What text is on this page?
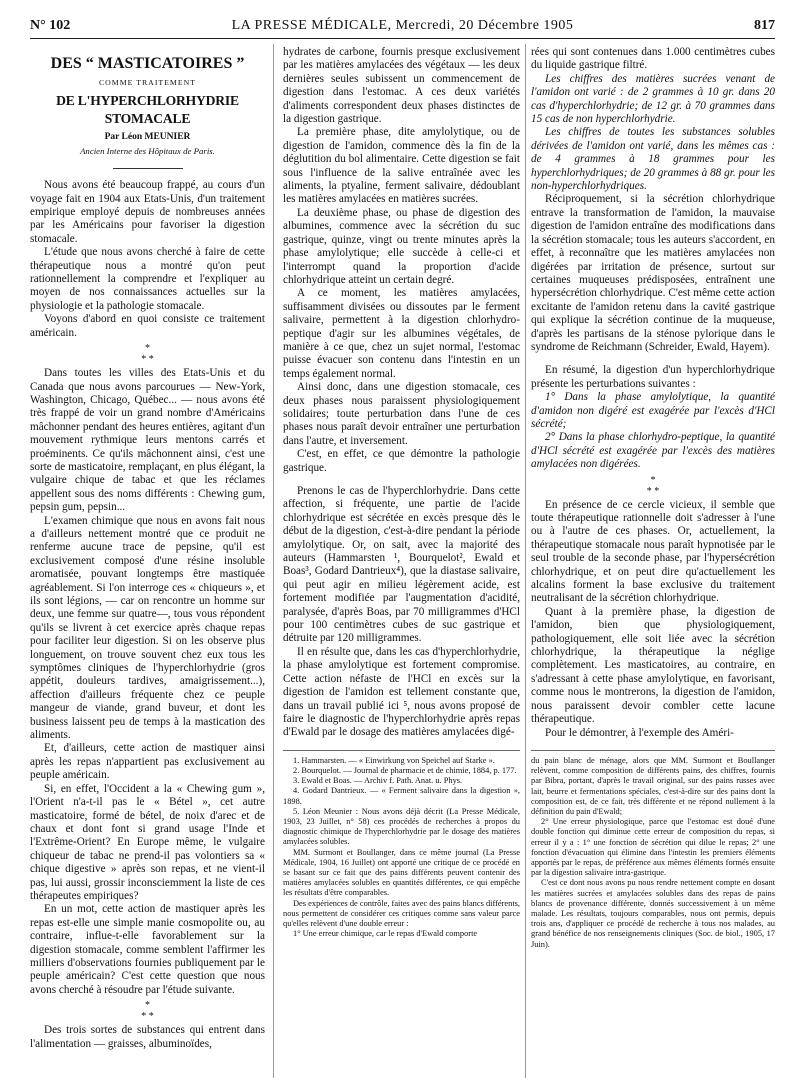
N° 102	LA PRESSE MÉDICALE, Mercredi, 20 Décembre 1905	817
DES “ MASTICATOIRES ”
COMME TRAITEMENT
DE L'HYPERCHLORHYDRIE STOMACALE
Par Léon MEUNIER
Ancien Interne des Hôpitaux de Paris.

Nous avons été beaucoup frappé, au cours d'un voyage fait en 1904 aux Etats-Unis, d'un traitement empirique employé depuis de nombreuses années par les Américains pour favoriser la digestion stomacale.

L'étude que nous avons cherché à faire de cette thérapeutique nous a montré qu'on peut rationnellement la comprendre et l'expliquer au moyen de nos connaissances actuelles sur la physiologie et la pathologie stomacale.

Voyons d'abord en quoi consiste ce traitement américain.

*
* *

Dans toutes les villes des Etats-Unis et du Canada que nous avons parcourues — New-York, Washington, Chicago, Québec... — nous avons été très frappé de voir un grand nombre d'Américains mâchonner pendant des heures entières, agitant d'un mouvement rythmique leurs mentons carrés et proéminents. Ce qu'ils mâchonnent ainsi, c'est une sorte de masticatoire, remplaçant, en plus élégant, la vulgaire chique de tabac et que les réclames appellent sous des noms différents : Chewing gum, pepsin gum, pepsin...

L'examen chimique que nous en avons fait nous a d'ailleurs nettement montré que ce produit ne renferme aucune trace de pepsine, qu'il est exclusivement composé d'une résine insoluble aromatisée, pouvant longtemps être mastiquée agréablement. Si l'on interroge ces « chiqueurs », et ils sont légions, — car on rencontre un homme sur deux, une femme sur quatre—, tous vous répondent qu'ils se livrent à cet exercice après chaque repas pour faciliter leur digestion. Si on les observe plus longuement, on trouve souvent chez eux tous les symptômes cliniques de l'hyperchlorhydrie (gros appétit, douleurs tardives, amaigrissement...), affection d'ailleurs fréquente chez ce peuple mangeur de viande, grand buveur, et dont les business laissent peu de temps à la mastication des aliments.

Et, d'ailleurs, cette action de mastiquer ainsi après les repas n'appartient pas exclusivement au peuple américain.

Si, en effet, l'Occident a la « Chewing gum », l'Orient n'a-t-il pas le « Bétel », cet autre masticatoire, formé de bétel, de noix d'arec et de chaux et dont font si grand usage l'Inde et l'Extrême-Orient? En Europe même, le vulgaire chiqueur de tabac ne prend-il pas volontiers sa « chique digestive » après son repas, et ne vient-il pas, lui aussi, grossir inconsciemment la liste de ces thérapeutes empiriques?

En un mot, cette action de mastiquer après les repas est-elle une simple manie cosmopolite ou, au contraire, influe-t-elle favorablement sur la digestion stomacale, comme semblent l'affirmer les milliers d'observations fournies publiquement par le peuple américain? C'est cette question que nous avons cherché à résoudre par l'étude suivante.

*
* *

Des trois sortes de substances qui entrent dans l'alimentation — graisses, albuminoïdes,

hydrates de carbone, fournis presque exclusivement par les matières amylacées des végétaux — les deux dernières seules subissent un commencement de digestion dans l'estomac. A ces deux variétés d'aliments correspondent deux phases distinctes de la digestion gastrique.

La première phase, dite amylolytique, ou de digestion de l'amidon, commence dès la fin de la déglutition du bol alimentaire. Cette digestion se fait sous l'influence de la salive entraînée avec les aliments, la ptyaline, ferment salivaire, dédoublant les matières amylacées en matières sucrées.

La deuxième phase, ou phase de digestion des albumines, commence avec la sécrétion du suc gastrique, quinze, vingt ou trente minutes après la phase amylolytique; elle succède à celle-ci et l'interrompt quand la proportion d'acide chlorhydrique atteint un certain degré.

A ce moment, les matières amylacées, suffisamment divisées ou dissoutes par le ferment salivaire, permettent à la digestion chlorhydro-peptique d'agir sur les albumines végétales, de manière à ce que, chez un sujet normal, l'estomac puisse évacuer son contenu dans l'intestin en un temps également normal.

Ainsi donc, dans une digestion stomacale, ces deux phases nous paraissent physiologiquement solidaires; toute perturbation dans l'une de ces phases nous paraît devoir entraîner une perturbation dans l'autre, et inversement.

C'est, en effet, ce que démontre la pathologie gastrique.

Prenons le cas de l'hyperchlorhydrie. Dans cette affection, si fréquente, une partie de l'acide chlorhydrique est sécrétée en excès presque dès le début de la digestion, c'est-à-dire pendant la période amylolytique. Or, on sait, avec la majorité des auteurs (Hammarsten ¹, Bourquelot², Ewald et Boas³, Godard Dantrieux⁴), que la diastase salivaire, qui peut agir en milieu légèrement acide, est fortement modifiée par l'augmentation d'acidité, paralysée, d'après Boas, par 70 milligrammes d'HCl pour 100 centimètres cubes de suc gastrique et détruite par 120 milligrammes.

Il en résulte que, dans les cas d'hyperchlorhydrie, la phase amylolytique est fortement compromise. Cette action néfaste de l'HCl en excès sur la digestion de l'amidon est tellement constante que, dans un travail publié ici ⁵, nous avons proposé de faire le diagnostic de l'hyperchlorhydrie après repas d'Ewald par le dosage des matières amylacées digé-

1. Hammarsten. — « Einwirkung von Speichel auf Starke ».

2. Bourquelot. — Journal de pharmacie et de chimie, 1884, p. 177.

3. Ewald et Boas. — Archiv f. Path. Anat. u. Phys.

4. Godard Dantrieux. — « Ferment salivaire dans la digestion », 1898.

5. Léon Meunier : Nous avons déjà décrit (La Presse Médicale, 1903, 23 Juillet, n° 58) ces procédés de recherches à propos du diagnostic chimique de l'hyperchlorhydrie par le dosage des matières amylacées solubles.

MM. Surmont et Boullanger, dans ce même journal (La Presse Médicale, 1904, 16 Juillet) ont apporté une critique de ce procédé en se basant sur ce fait que des pains différents peuvent contenir des matières amylacées solubles en quantités différentes, ce qui empêche les résultats d'être comparables.

Des expériences de contrôle, faites avec des pains blancs différents, nous permettent de considérer ces critiques comme sans valeur parce qu'elles relèvent d'une double erreur :

1° Une erreur chimique, car le repas d'Ewald comporte

rées qui sont contenues dans 1.000 centimètres cubes du liquide gastrique filtré.

Les chiffres des matières sucrées venant de l'amidon ont varié : de 2 grammes à 10 gr. dans 20 cas d'hyperchlorhydrie; de 12 gr. à 70 grammes dans 15 cas de non hyperchlorhydrie.

Les chiffres de toutes les substances solubles dérivées de l'amidon ont varié, dans les mêmes cas : de 4 grammes à 18 grammes pour les hyperchlorhydriques; de 20 grammes à 88 gr. pour les non-hyperchlorhydriques.

Réciproquement, si la sécrétion chlorhydrique entrave la transformation de l'amidon, la mauvaise digestion de l'amidon entraîne des modifications dans la sécrétion stomacale; tous les auteurs s'accordent, en effet, à reconnaître que les matières amylacées non digérées par irritation de présence, surtout sur certaines muqueuses prédisposées, entraînent une hypersécrétion chlorhydrique. C'est même cette action excitante de l'amidon retenu dans la cavité gastrique qui explique la sécrétion continue de la muqueuse, d'après les partisans de la sténose pylorique dans le syndrome de Reichmann (Schreider, Ewald, Hayem).

En résumé, la digestion d'un hyperchlorhydrique présente les perturbations suivantes :

1° Dans la phase amylolytique, la quantité d'amidon non digéré est exagérée par l'excès d'HCl sécrété;

2° Dans la phase chlorhydro-peptique, la quantité d'HCl sécrété est exagérée par l'excès des matières amylacées non digérées.

*
* *

En présence de ce cercle vicieux, il semble que toute thérapeutique rationnelle doit s'adresser à l'une ou à l'autre de ces phases. Or, actuellement, la thérapeutique stomacale nous paraît hypnotisée par le seul trouble de la seconde phase, par l'hypersécrétion chlorhydrique, et on peut dire qu'actuellement les alcalins forment la base exclusive du traitement neutralisant de la sécrétion chlorhydrique.

Quant à la première phase, la digestion de l'amidon, bien que physiologiquement, pathologiquement, elle soit liée avec la sécrétion chlorhydrique, la thérapeutique la néglige complètement. Les masticatoires, au contraire, en s'adressant à cette phase amylolytique, en favorisant, comme nous le montrerons, la digestion de l'amidon, nous paraissent devoir combler cette lacune thérapeutique.

Pour le démontrer, à l'exemple des Améri-

du pain blanc de ménage, alors que MM. Surmont et Boullanger relèvent, comme composition de différents pains, des chiffres, fournis par Bibra, portant, d'après le travail original, sur des pains russes avec lait, beurre et fermentations spéciales, c'est-à-dire sur des pains dont la composition est, de ce fait, très différente et ne répond nullement à la définition du pain d'Ewald;

2° Une erreur physiologique, parce que l'estomac est doué d'une double fonction qui diminue cette erreur de composition du repas, si erreur il y a : 1° une fonction de sécrétion qui dilue le repas; 2° une fonction d'évacuation qui élimine dans l'intestin les premiers éléments apportés par le repas, de préférence aux mêmes éléments formés ensuite par la digestion salivaire intra-gastrique.

C'est ce dont nous avons pu nous rendre nettement compte en dosant les matières sucrées et amylacées solubles dans des repas de pains blancs de provenance différente, donnés successivement à un même malade. Les résultats, toujours comparables, nous ont permis, depuis trois ans, d'appliquer ce procédé de recherche à tous nos malades, au grand bénéfice de nos renseignements cliniques (Soc. de biol., 1905, 17 Juin).
